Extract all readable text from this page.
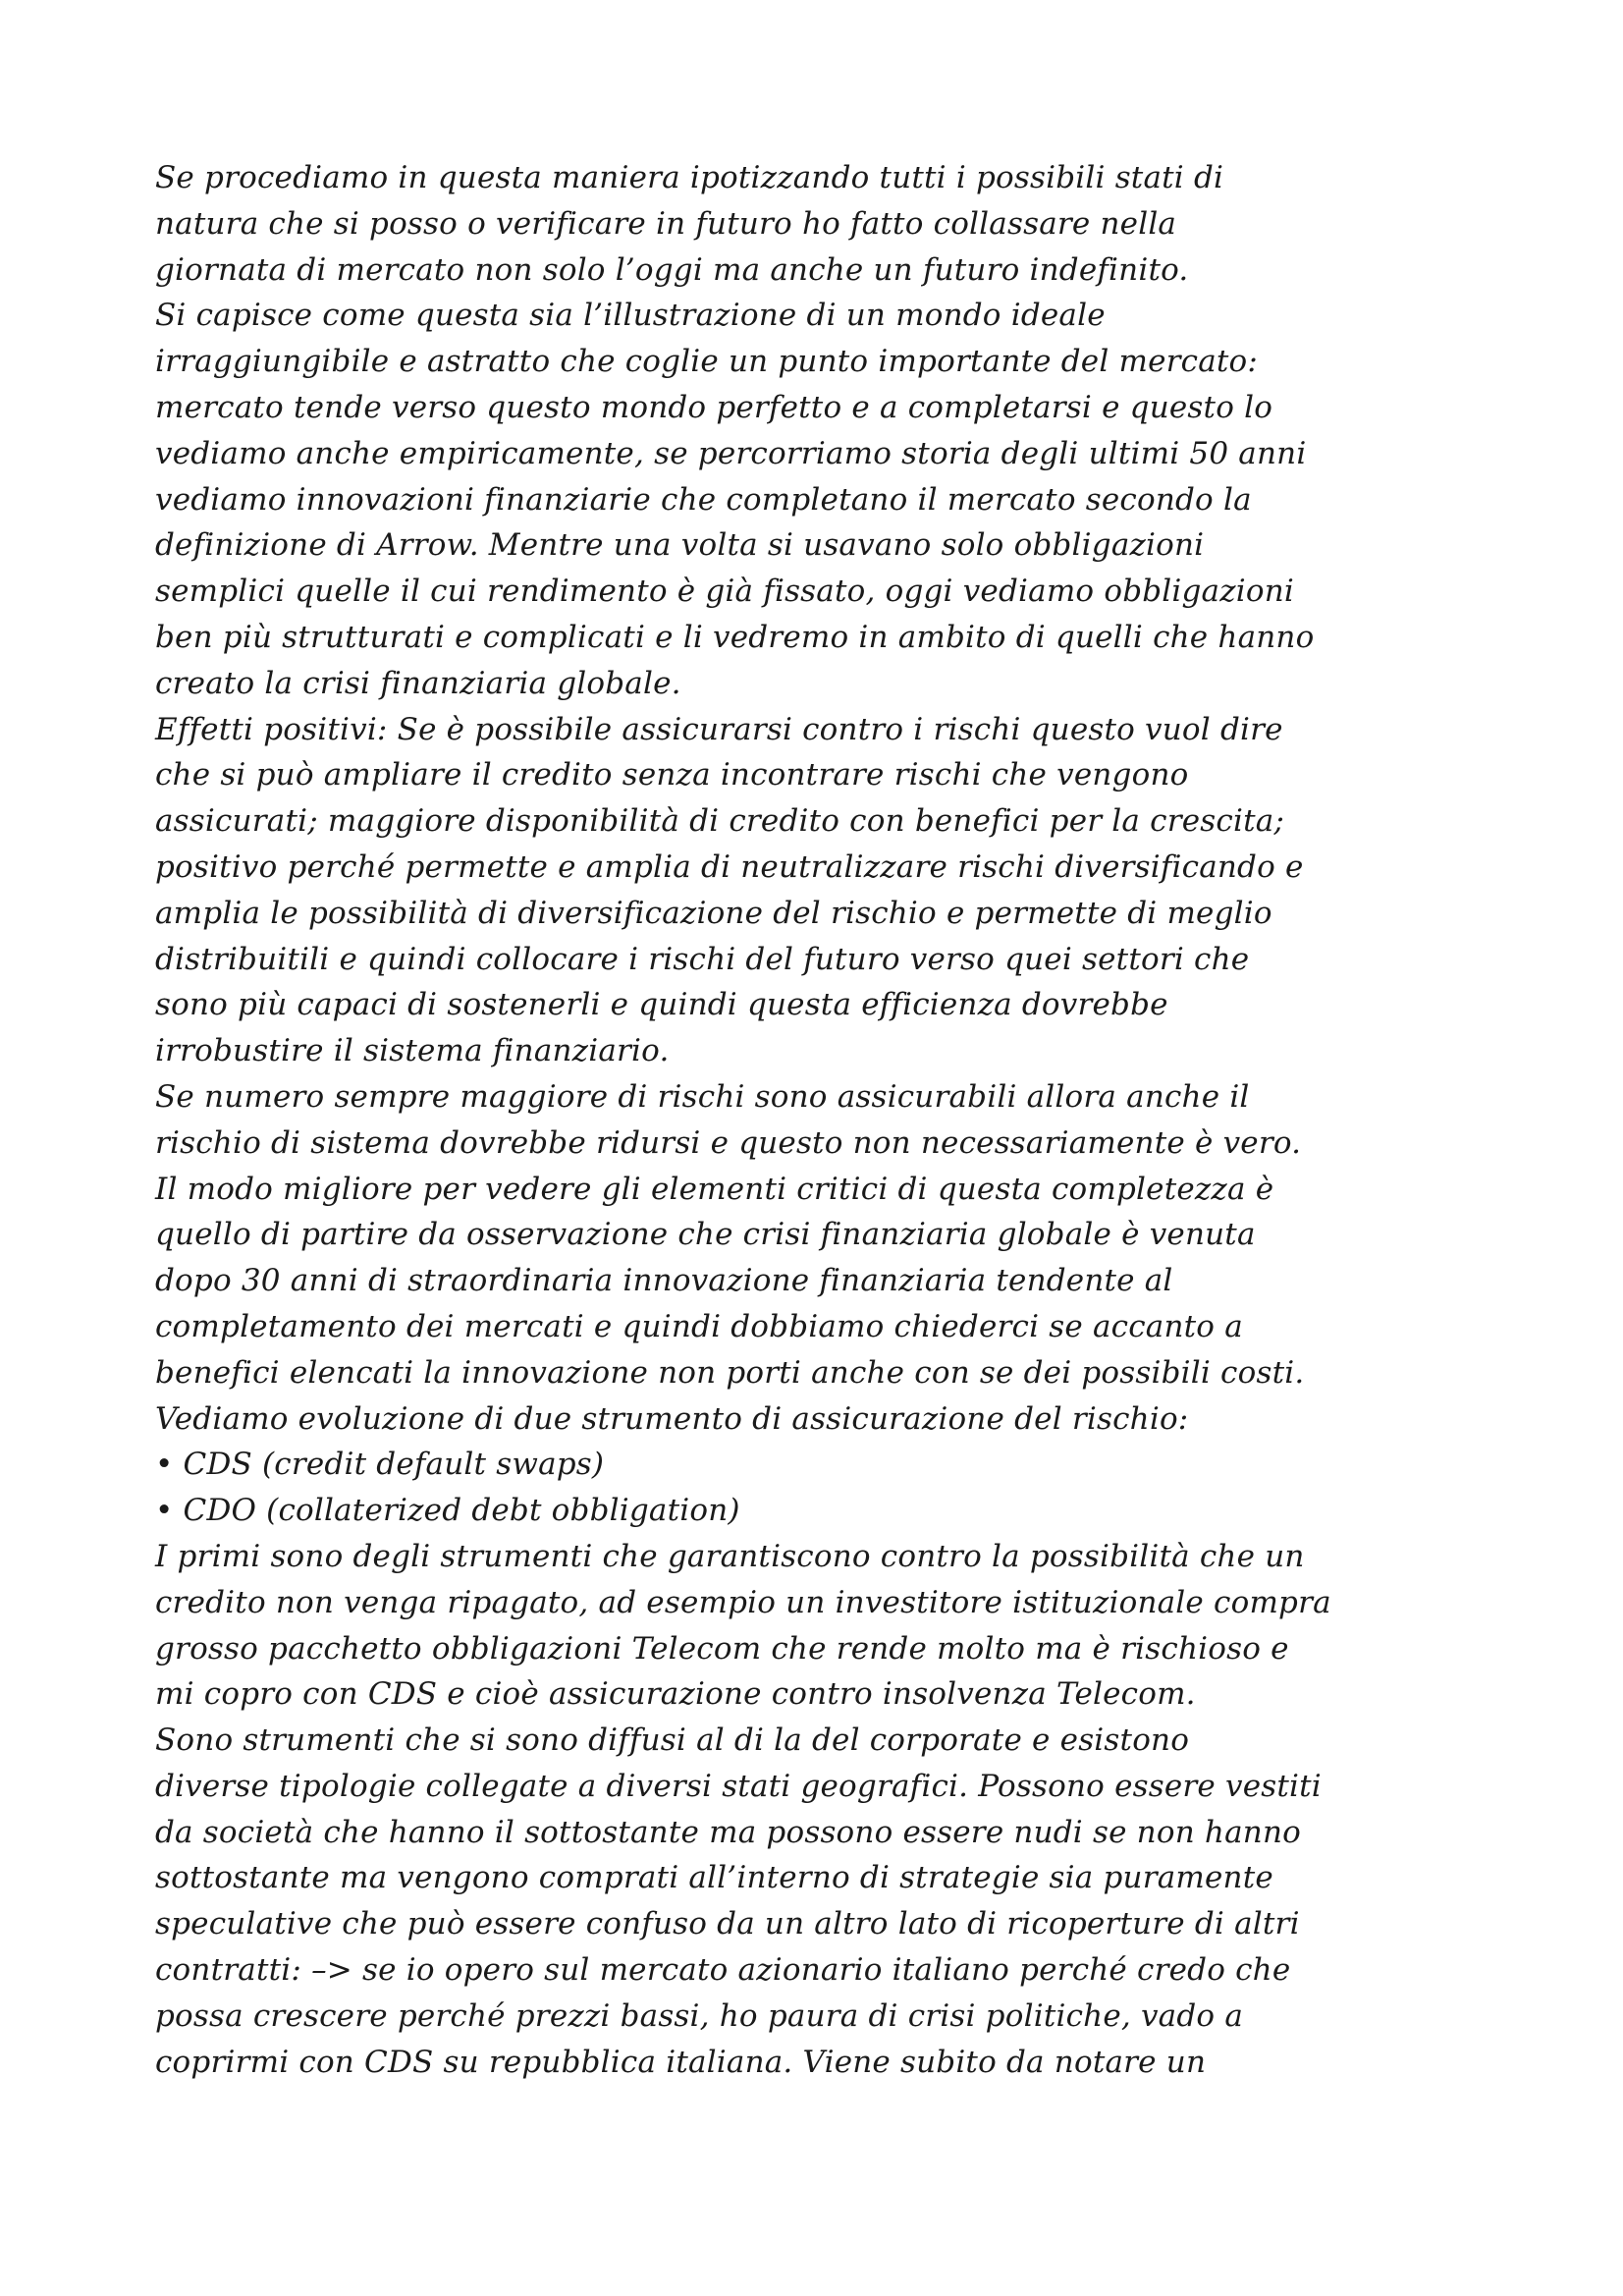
Se procediamo in questa maniera ipotizzando tutti i possibili stati di
natura che si posso o verificare in futuro ho fatto collassare nella
giornata di mercato non solo l’oggi ma anche un futuro indefinito.
Si capisce come questa sia l’illustrazione di un mondo ideale
irraggiungibile e astratto che coglie un punto importante del mercato:
mercato tende verso questo mondo perfetto e a completarsi e questo lo
vediamo anche empiricamente, se percorriamo storia degli ultimi 50 anni
vediamo innovazioni finanziarie che completano il mercato secondo la
definizione di Arrow. Mentre una volta si usavano solo obbligazioni
semplici quelle il cui rendimento è già fissato, oggi vediamo obbligazioni
ben più strutturati e complicati e li vedremo in ambito di quelli che hanno
creato la crisi finanziaria globale.
Effetti positivi: Se è possibile assicurarsi contro i rischi questo vuol dire
che si può ampliare il credito senza incontrare rischi che vengono
assicurati; maggiore disponibilità di credito con benefici per la crescita;
positivo perché permette e amplia di neutralizzare rischi diversificando e
amplia le possibilità di diversificazione del rischio e permette di meglio
distribuitili e quindi collocare i rischi del futuro verso quei settori che
sono più capaci di sostenerli e quindi questa efficienza dovrebbe
irrobustire il sistema finanziario.
Se numero sempre maggiore di rischi sono assicurabili allora anche il
rischio di sistema dovrebbe ridursi e questo non necessariamente è vero.
Il modo migliore per vedere gli elementi critici di questa completezza è
quello di partire da osservazione che crisi finanziaria globale è venuta
dopo 30 anni di straordinaria innovazione finanziaria tendente al
completamento dei mercati e quindi dobbiamo chiederci se accanto a
benefici elencati la innovazione non porti anche con se dei possibili costi.
Vediamo evoluzione di due strumento di assicurazione del rischio:
• CDS (credit default swaps)
• CDO (collaterized debt obbligation)
I primi sono degli strumenti che garantiscono contro la possibilità che un
credito non venga ripagato, ad esempio un investitore istituzionale compra
grosso pacchetto obbligazioni Telecom che rende molto ma è rischioso e
mi copro con CDS e cioè assicurazione contro insolvenza Telecom.
Sono strumenti che si sono diffusi al di la del corporate e esistono
diverse tipologie collegate a diversi stati geografici. Possono essere vestiti
da società che hanno il sottostante ma possono essere nudi se non hanno
sottostante ma vengono comprati all’interno di strategie sia puramente
speculative che può essere confuso da un altro lato di ricoperture di altri
contratti: –> se io opero sul mercato azionario italiano perché credo che
possa crescere perché prezzi bassi, ho paura di crisi politiche, vado a
coprirmi con CDS su repubblica italiana. Viene subito da notare un
